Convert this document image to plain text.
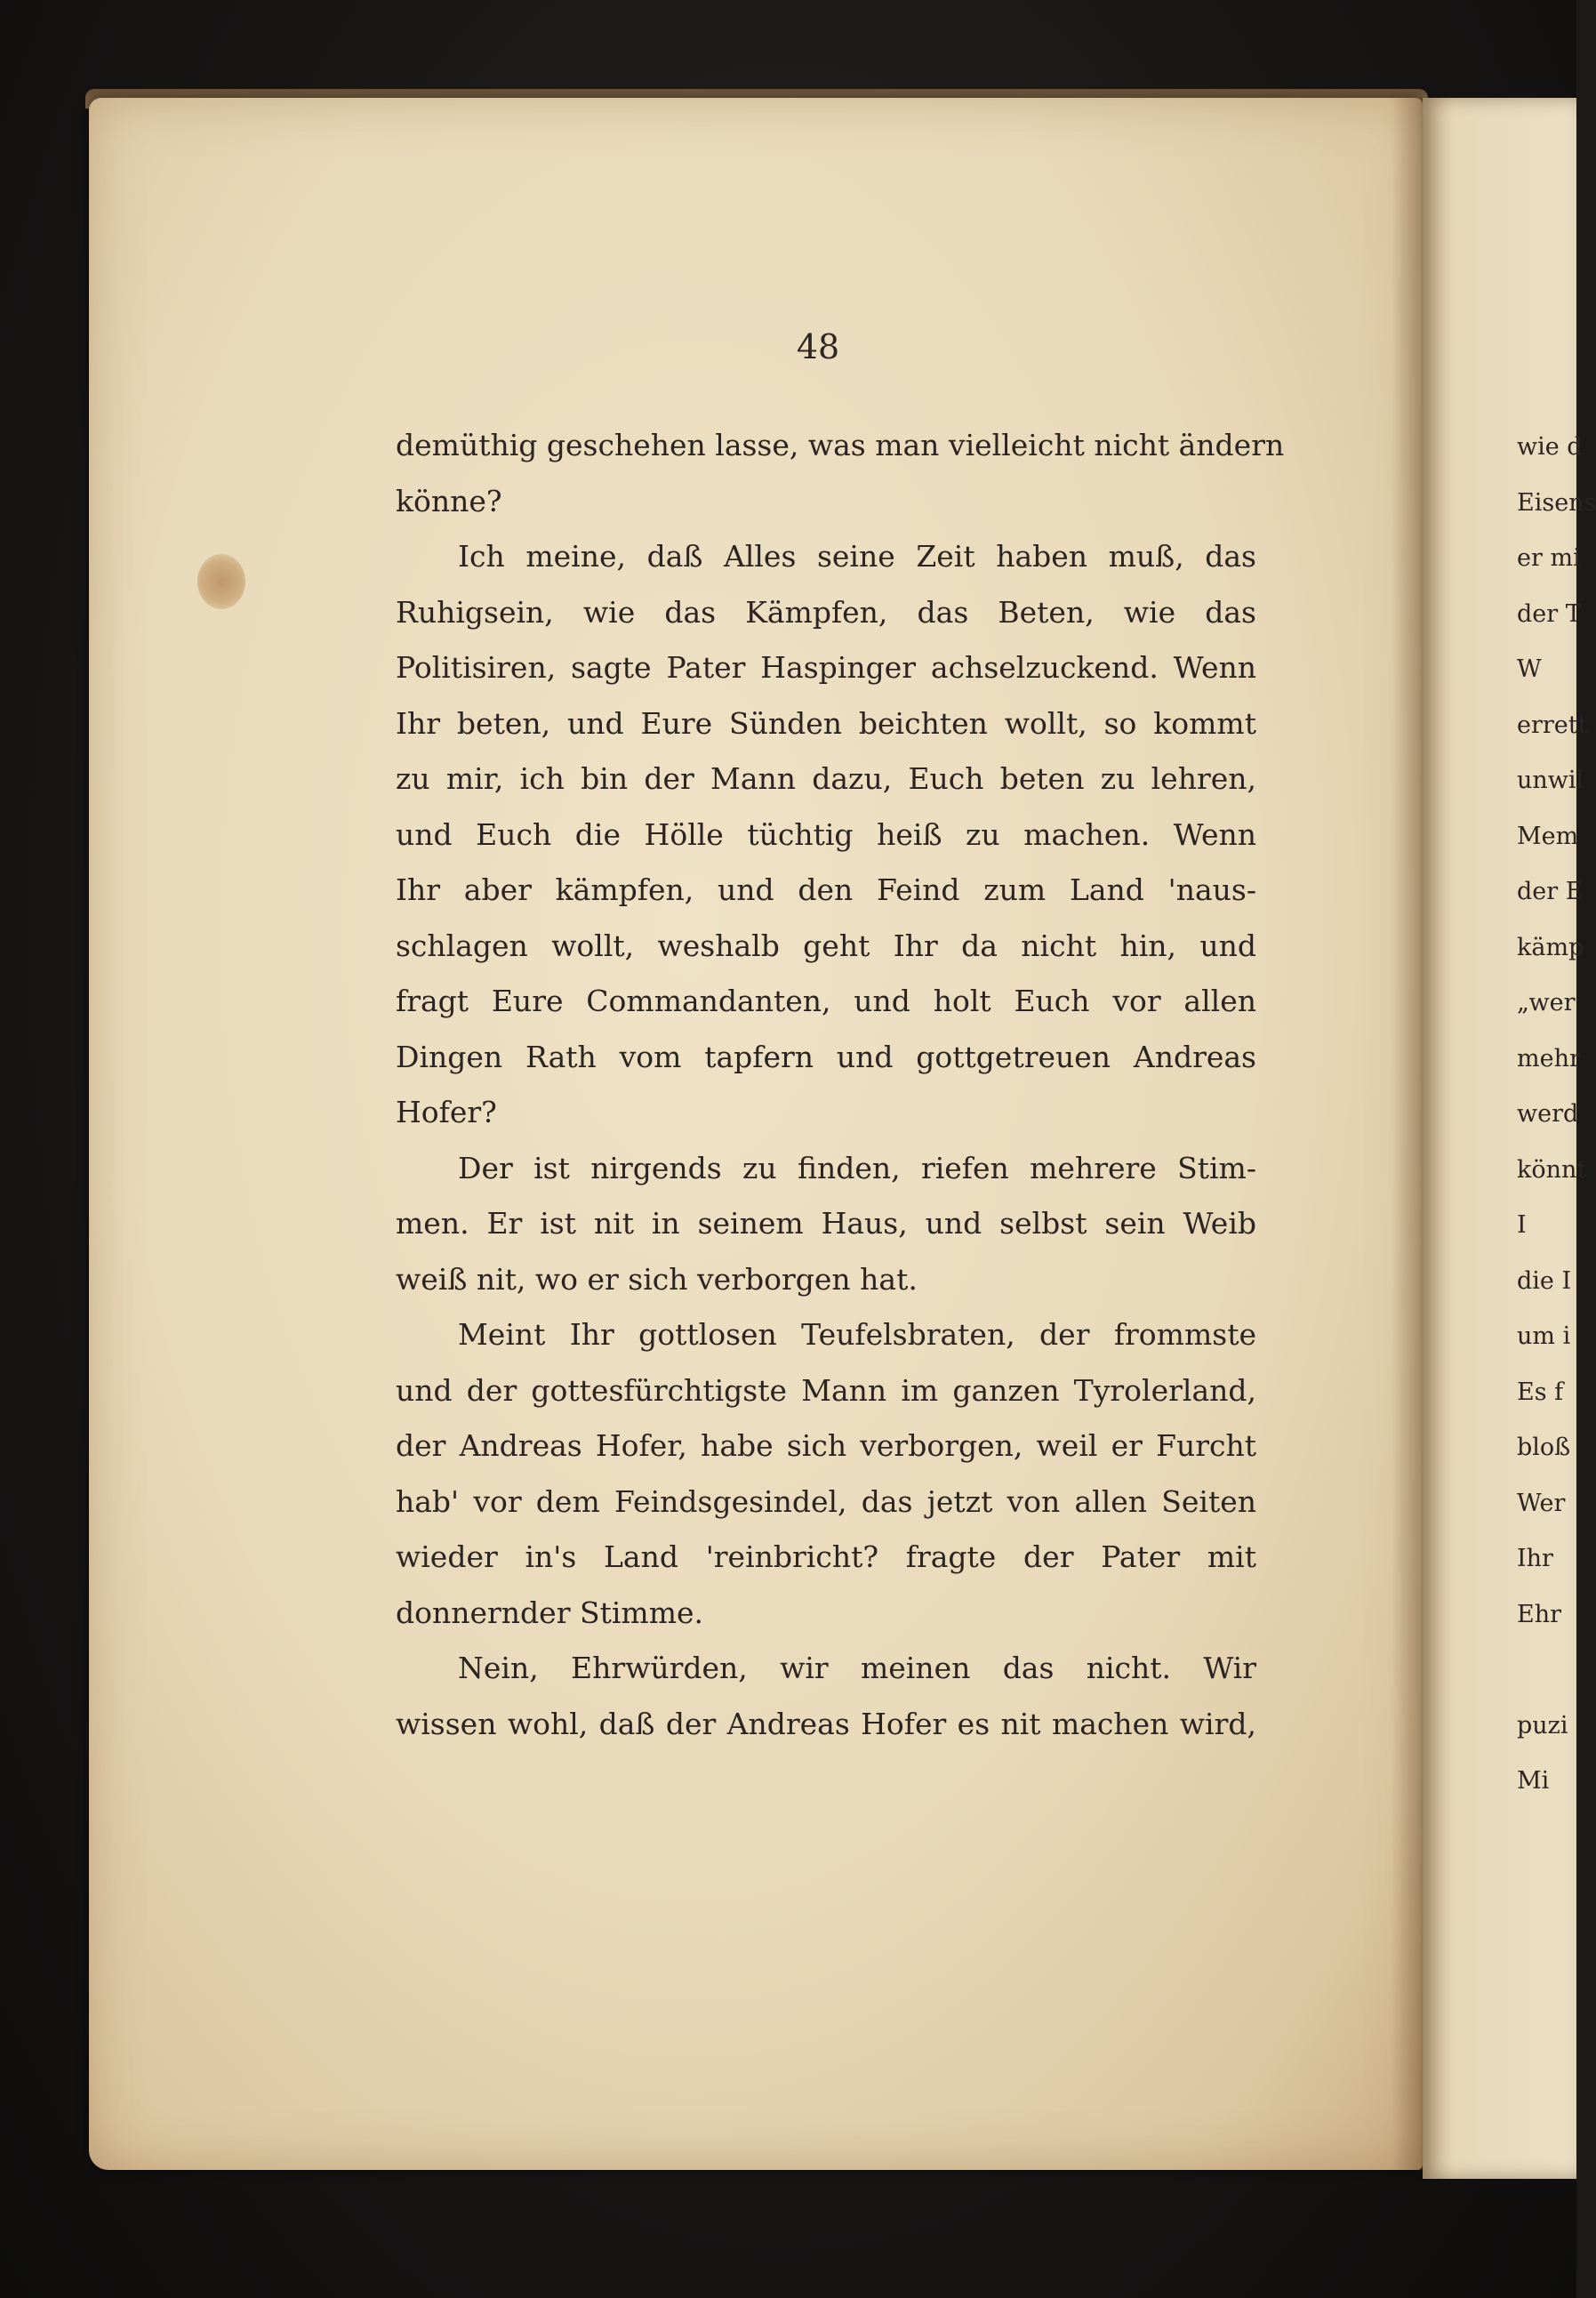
48
demüthig geschehen lasse, was man vielleicht nicht ändern
könne?
Ich meine, daß Alles seine Zeit haben muß, das
Ruhigsein, wie das Kämpfen, das Beten, wie das
Politisiren, sagte Pater Haspinger achselzuckend. Wenn
Ihr beten, und Eure Sünden beichten wollt, so kommt
zu mir, ich bin der Mann dazu, Euch beten zu lehren,
und Euch die Hölle tüchtig heiß zu machen. Wenn
Ihr aber kämpfen, und den Feind zum Land 'naus-
schlagen wollt, weshalb geht Ihr da nicht hin, und
fragt Eure Commandanten, und holt Euch vor allen
Dingen Rath vom tapfern und gottgetreuen Andreas
Hofer?
Der ist nirgends zu finden, riefen mehrere Stim-
men. Er ist nit in seinem Haus, und selbst sein Weib
weiß nit, wo er sich verborgen hat.
Meint Ihr gottlosen Teufelsbraten, der frommste
und der gottesfürchtigste Mann im ganzen Tyrolerland,
der Andreas Hofer, habe sich verborgen, weil er Furcht
hab' vor dem Feindsgesindel, das jetzt von allen Seiten
wieder in's Land 'reinbricht? fragte der Pater mit
donnernder Stimme.
Nein, Ehrwürden, wir meinen das nicht. Wir
wissen wohl, daß der Andreas Hofer es nit machen wird,
wie d
Eisens
er mi
der T
W
errett
unwil
Mem
der E
kämp
„wer
mehr
werd
könnt
I
die I
um i
Es f
bloß
Wer
Ihr
Ehr

puzi
Mi
